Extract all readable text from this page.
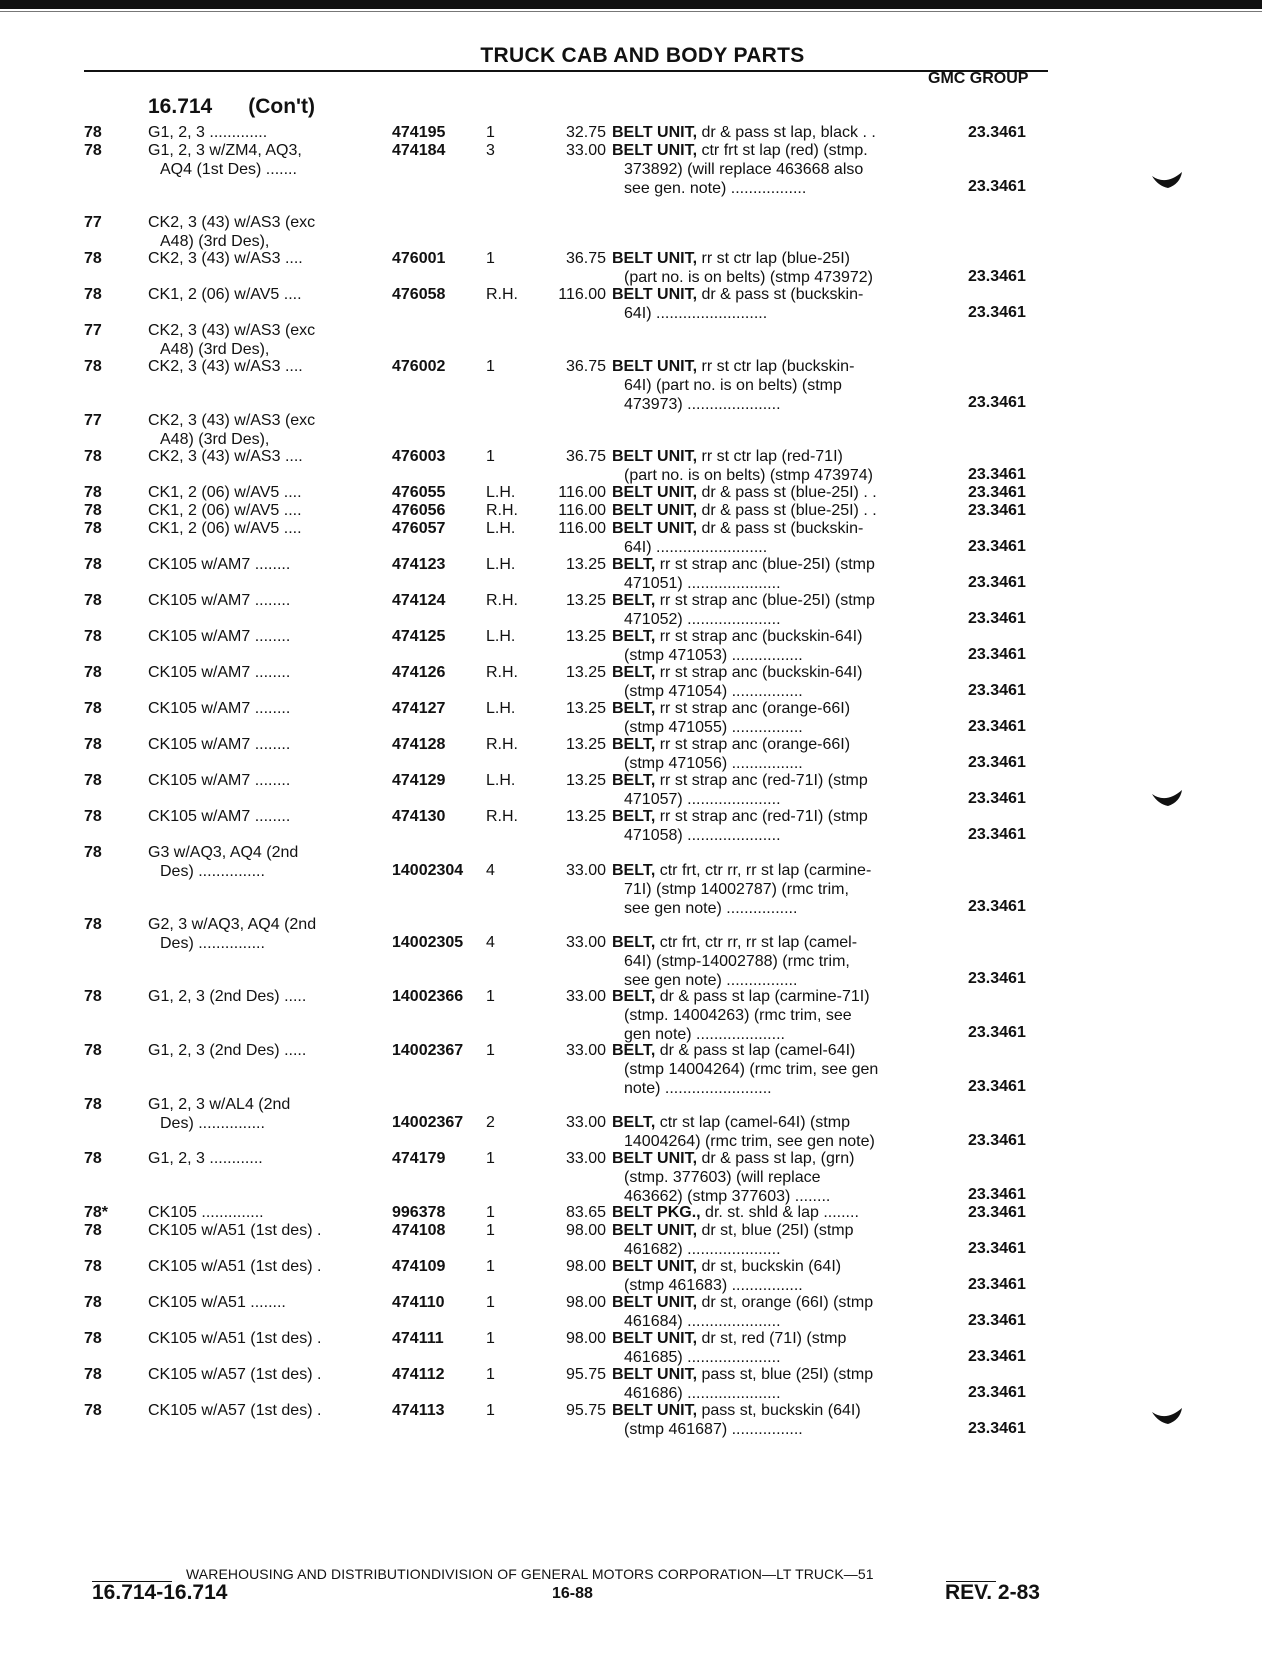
TRUCK CAB AND BODY PARTS
GMC GROUP
16.714 (Con't)
78	G1, 2, 3 .............	474195	1	32.75 BELT UNIT, dr & pass st lap, black . .	23.3461
78	G1, 2, 3 w/ZM4, AQ3,
AQ4 (1st Des) .......
474184	3	33.00 BELT UNIT, ctr frt st lap (red) (stmp.
373892) (will replace 463668 also
see gen. note) .................	23.3461
77	CK2, 3 (43) w/AS3 (exc
A48) (3rd Des),
78	CK2, 3 (43) w/AS3 ....	476001	1	36.75 BELT UNIT, rr st ctr lap (blue-25I)
(part no. is on belts) (stmp 473972)	23.3461
78	CK1, 2 (06) w/AV5 ....	476058	R.H.	116.00 BELT UNIT, dr & pass st (buckskin-
64I) .........................	23.3461
77	CK2, 3 (43) w/AS3 (exc
A48) (3rd Des),
78	CK2, 3 (43) w/AS3 ....	476002	1	36.75 BELT UNIT, rr st ctr lap (buckskin-
64I) (part no. is on belts) (stmp
473973) .....................	23.3461
77	CK2, 3 (43) w/AS3 (exc
A48) (3rd Des),
78	CK2, 3 (43) w/AS3 ....	476003	1	36.75 BELT UNIT, rr st ctr lap (red-71I)
(part no. is on belts) (stmp 473974)	23.3461
78	CK1, 2 (06) w/AV5 ....	476055	L.H.	116.00 BELT UNIT, dr & pass st (blue-25I) . .	23.3461
78	CK1, 2 (06) w/AV5 ....	476056	R.H.	116.00 BELT UNIT, dr & pass st (blue-25I) . .	23.3461
78	CK1, 2 (06) w/AV5 ....	476057	L.H.	116.00 BELT UNIT, dr & pass st (buckskin-
64I) .........................	23.3461
78	CK105 w/AM7 ........	474123	L.H.	13.25 BELT, rr st strap anc (blue-25I) (stmp
471051) .....................	23.3461
78	CK105 w/AM7 ........	474124	R.H.	13.25 BELT, rr st strap anc (blue-25I) (stmp
471052) .....................	23.3461
78	CK105 w/AM7 ........	474125	L.H.	13.25 BELT, rr st strap anc (buckskin-64I)
(stmp 471053) ................	23.3461
78	CK105 w/AM7 ........	474126	R.H.	13.25 BELT, rr st strap anc (buckskin-64I)
(stmp 471054) ................	23.3461
78	CK105 w/AM7 ........	474127	L.H.	13.25 BELT, rr st strap anc (orange-66I)
(stmp 471055) ................	23.3461
78	CK105 w/AM7 ........	474128	R.H.	13.25 BELT, rr st strap anc (orange-66I)
(stmp 471056) ................	23.3461
78	CK105 w/AM7 ........	474129	L.H.	13.25 BELT, rr st strap anc (red-71I) (stmp
471057) .....................	23.3461
78	CK105 w/AM7 ........	474130	R.H.	13.25 BELT, rr st strap anc (red-71I) (stmp
471058) .....................	23.3461
78	G3 w/AQ3, AQ4 (2nd
Des) ...............	14002304	4	33.00 BELT, ctr frt, ctr rr, rr st lap (carmine-
71I) (stmp 14002787) (rmc trim,
see gen note) ................	23.3461
78	G2, 3 w/AQ3, AQ4 (2nd
Des) ...............	14002305	4	33.00 BELT, ctr frt, ctr rr, rr st lap (camel-
64I) (stmp-14002788) (rmc trim,
see gen note) ................	23.3461
78	G1, 2, 3 (2nd Des) .....	14002366	1	33.00 BELT, dr & pass st lap (carmine-71I)
(stmp. 14004263) (rmc trim, see
gen note) ....................	23.3461
78	G1, 2, 3 (2nd Des) .....	14002367	1	33.00 BELT, dr & pass st lap (camel-64I)
(stmp 14004264) (rmc trim, see gen
note) ........................	23.3461
78	G1, 2, 3 w/AL4 (2nd
Des) ...............	14002367	2	33.00 BELT, ctr st lap (camel-64I) (stmp
14004264) (rmc trim, see gen note)	23.3461
78	G1, 2, 3 ............	474179	1	33.00 BELT UNIT, dr & pass st lap, (grn)
(stmp. 377603) (will replace
463662) (stmp 377603) ........	23.3461
78*	CK105 ..............	996378	1	83.65 BELT PKG., dr. st. shld & lap ........	23.3461
78	CK105 w/A51 (1st des) .	474108	1	98.00 BELT UNIT, dr st, blue (25I) (stmp
461682) .....................	23.3461
78	CK105 w/A51 (1st des) .	474109	1	98.00 BELT UNIT, dr st, buckskin (64I)
(stmp 461683) ................	23.3461
78	CK105 w/A51 ........	474110	1	98.00 BELT UNIT, dr st, orange (66I) (stmp
461684) .....................	23.3461
78	CK105 w/A51 (1st des) .	474111	1	98.00 BELT UNIT, dr st, red (71I) (stmp
461685) .....................	23.3461
78	CK105 w/A57 (1st des) .	474112	1	95.75 BELT UNIT, pass st, blue (25I) (stmp
461686) .....................	23.3461
78	CK105 w/A57 (1st des) .	474113	1	95.75 BELT UNIT, pass st, buckskin (64I)
(stmp 461687) ................	23.3461
WAREHOUSING AND DISTRIBUTIONDIVISION OF GENERAL MOTORS CORPORATION—LT TRUCK—51
16.714-16.714	16-88	REV. 2-83
